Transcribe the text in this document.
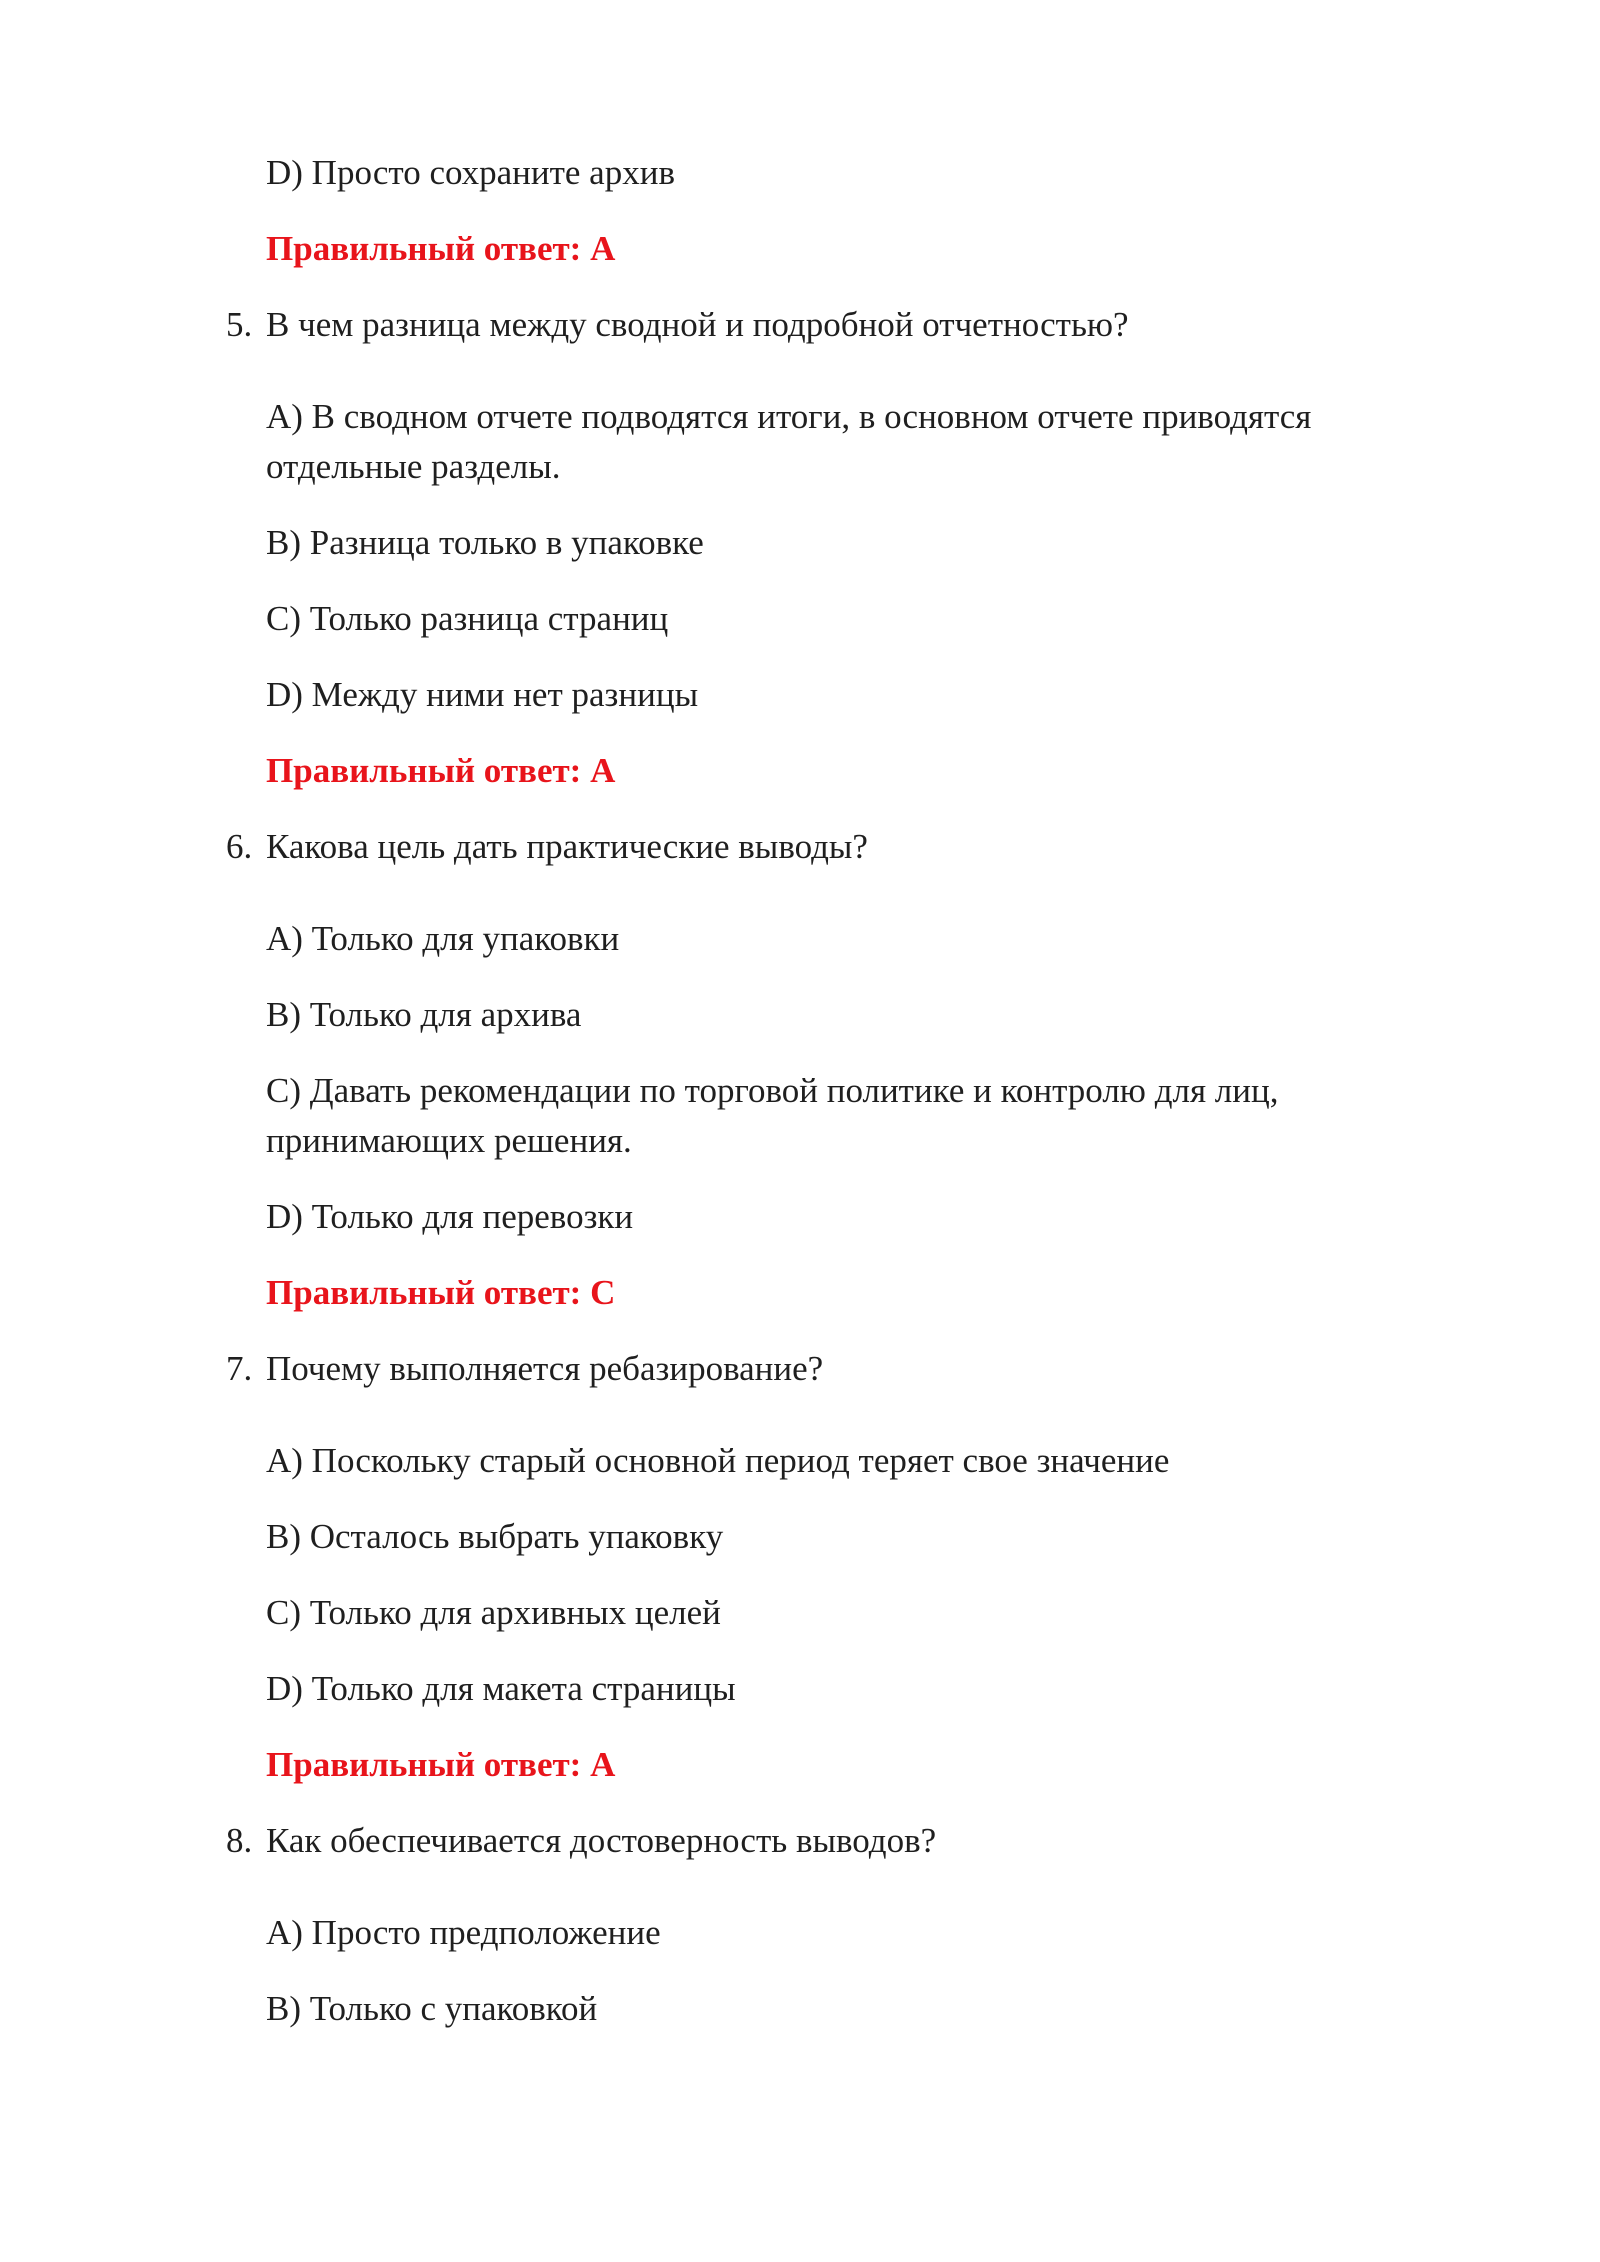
D) Просто сохраните архив
Правильный ответ: A
5. В чем разница между сводной и подробной отчетностью?
A) В сводном отчете подводятся итоги, в основном отчете приводятся
отдельные разделы.
B) Разница только в упаковке
C) Только разница страниц
D) Между ними нет разницы
Правильный ответ: A
6. Какова цель дать практические выводы?
A) Только для упаковки
B) Только для архива
C) Давать рекомендации по торговой политике и контролю для лиц,
принимающих решения.
D) Только для перевозки
Правильный ответ: C
7. Почему выполняется ребазирование?
A) Поскольку старый основной период теряет свое значение
B) Осталось выбрать упаковку
C) Только для архивных целей
D) Только для макета страницы
Правильный ответ: A
8. Как обеспечивается достоверность выводов?
A) Просто предположение
B) Только с упаковкой
